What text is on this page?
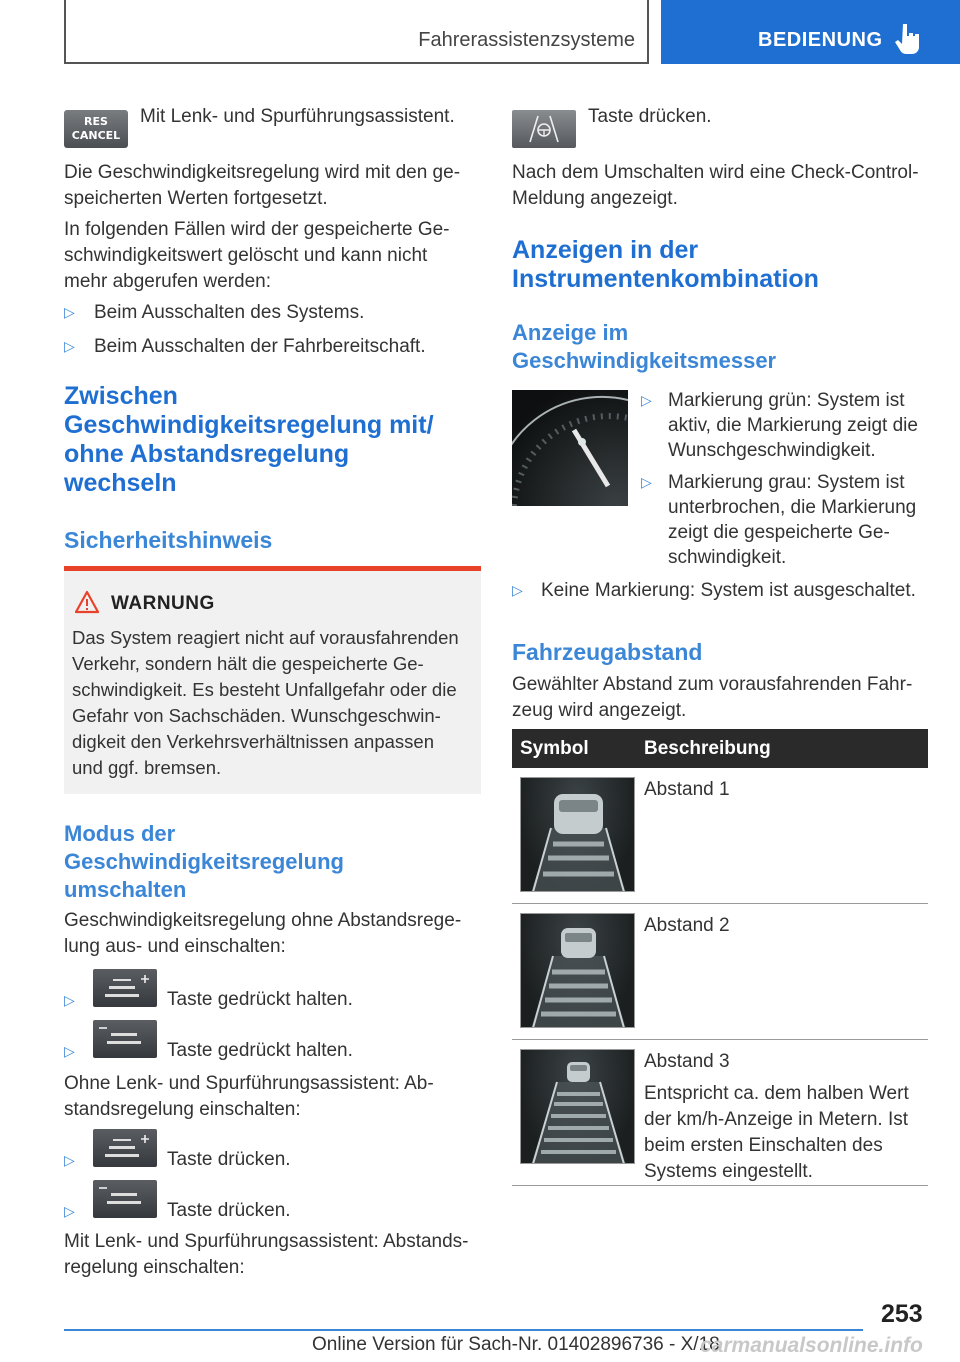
Fahrerassistenzsysteme	BEDIENUNG
RES
CANCEL
Mit Lenk- und Spurführungsassistent.
Die Geschwindigkeitsregelung wird mit den ge-
speicherten Werten fortgesetzt.
In folgenden Fällen wird der gespeicherte Ge-
schwindigkeitswert gelöscht und kann nicht
mehr abgerufen werden:
▷ Beim Ausschalten des Systems.
▷ Beim Ausschalten der Fahrbereitschaft.
Zwischen
Geschwindigkeitsregelung mit/
ohne Abstandsregelung
wechseln
Sicherheitshinweis
WARNUNG
Das System reagiert nicht auf vorausfahrenden
Verkehr, sondern hält die gespeicherte Ge-
schwindigkeit. Es besteht Unfallgefahr oder die
Gefahr von Sachschäden. Wunschgeschwin-
digkeit den Verkehrsverhältnissen anpassen
und ggf. bremsen.
Modus der
Geschwindigkeitsregelung
umschalten
Geschwindigkeitsregelung ohne Abstandsrege-
lung aus- und einschalten:
▷	Taste gedrückt halten.
▷	Taste gedrückt halten.
Ohne Lenk- und Spurführungsassistent: Ab-
standsregelung einschalten:
▷	Taste drücken.
▷	Taste drücken.
Mit Lenk- und Spurführungsassistent: Abstands-
regelung einschalten:
Taste drücken.
Nach dem Umschalten wird eine Check-Control-
Meldung angezeigt.
Anzeigen in der
Instrumentenkombination
Anzeige im
Geschwindigkeitsmesser
▷ Markierung grün: System ist
aktiv, die Markierung zeigt die
Wunschgeschwindigkeit.
▷ Markierung grau: System ist
unterbrochen, die Markierung
zeigt die gespeicherte Ge-
schwindigkeit.
▷ Keine Markierung: System ist ausgeschaltet.
Fahrzeugabstand
Gewählter Abstand zum vorausfahrenden Fahr-
zeug wird angezeigt.
Symbol	Beschreibung
Abstand 1
Abstand 2
Abstand 3
Entspricht ca. dem halben Wert
der km/h-Anzeige in Metern. Ist
beim ersten Einschalten des
Systems eingestellt.
253
Online Version für Sach-Nr. 01402896736 - X/18
carmanualsonline.info
